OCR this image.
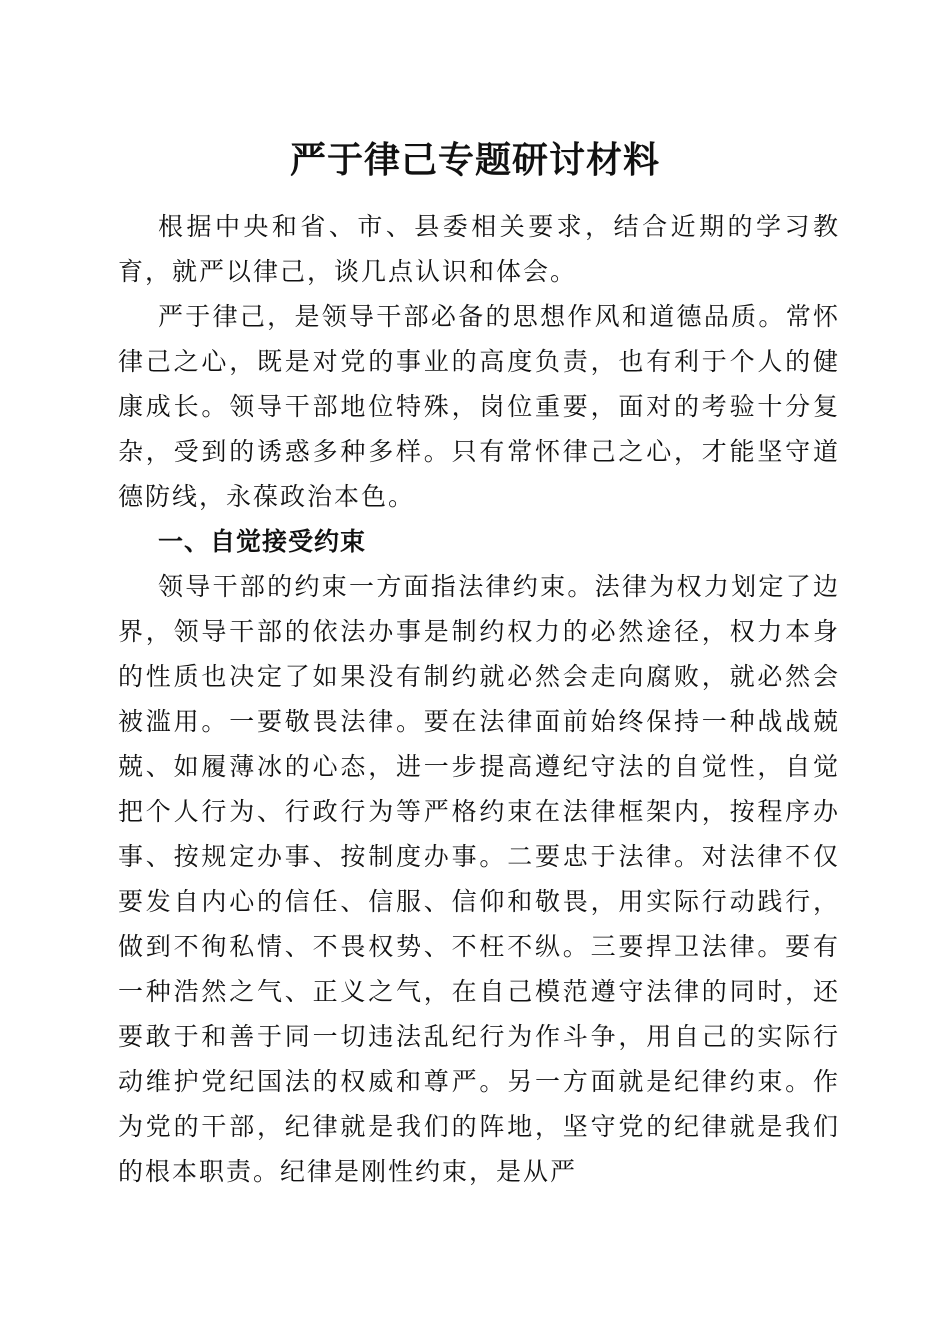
严于律己专题研讨材料

根据中央和省、市、县委相关要求，结合近期的学习教育，就严以律己，谈几点认识和体会。

严于律己，是领导干部必备的思想作风和道德品质。常怀律己之心，既是对党的事业的高度负责，也有利于个人的健康成长。领导干部地位特殊，岗位重要，面对的考验十分复杂，受到的诱惑多种多样。只有常怀律己之心，才能坚守道德防线，永葆政治本色。

一、自觉接受约束

领导干部的约束一方面指法律约束。法律为权力划定了边界，领导干部的依法办事是制约权力的必然途径，权力本身的性质也决定了如果没有制约就必然会走向腐败，就必然会被滥用。一要敬畏法律。要在法律面前始终保持一种战战兢兢、如履薄冰的心态，进一步提高遵纪守法的自觉性，自觉把个人行为、行政行为等严格约束在法律框架内，按程序办事、按规定办事、按制度办事。二要忠于法律。对法律不仅要发自内心的信任、信服、信仰和敬畏，用实际行动践行，做到不徇私情、不畏权势、不枉不纵。三要捍卫法律。要有一种浩然之气、正义之气，在自己模范遵守法律的同时，还要敢于和善于同一切违法乱纪行为作斗争，用自己的实际行动维护党纪国法的权威和尊严。另一方面就是纪律约束。作为党的干部，纪律就是我们的阵地，坚守党的纪律就是我们的根本职责。纪律是刚性约束，是从严
